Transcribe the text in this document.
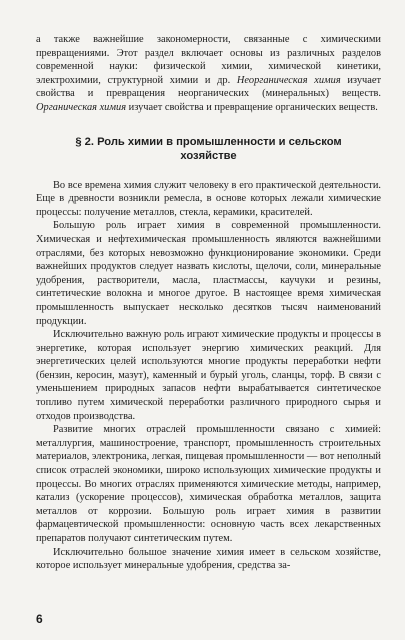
а также важнейшие закономерности, связанные с химическими превращениями. Этот раздел включает основы из различных разделов современной науки: физической химии, химической кинетики, электрохимии, структурной химии и др. Неорганическая химия изучает свойства и превращения неорганических (минеральных) веществ. Органическая химия изучает свойства и превращение органических веществ.

§ 2. Роль химии в промышленности и сельском хозяйстве

Во все времена химия служит человеку в его практической деятельности. Еще в древности возникли ремесла, в основе которых лежали химические процессы: получение металлов, стекла, керамики, красителей.

Большую роль играет химия в современной промышленности. Химическая и нефтехимическая промышленность являются важнейшими отраслями, без которых невозможно функционирование экономики. Среди важнейших продуктов следует назвать кислоты, щелочи, соли, минеральные удобрения, растворители, масла, пластмассы, каучуки и резины, синтетические волокна и многое другое. В настоящее время химическая промышленность выпускает несколько десятков тысяч наименований продукции.

Исключительно важную роль играют химические продукты и процессы в энергетике, которая использует энергию химических реакций. Для энергетических целей используются многие продукты переработки нефти (бензин, керосин, мазут), каменный и бурый уголь, сланцы, торф. В связи с уменьшением природных запасов нефти вырабатывается синтетическое топливо путем химической переработки различного природного сырья и отходов производства.

Развитие многих отраслей промышленности связано с химией: металлургия, машиностроение, транспорт, промышленность строительных материалов, электроника, легкая, пищевая промышленности — вот неполный список отраслей экономики, широко использующих химические продукты и процессы. Во многих отраслях применяются химические методы, например, катализ (ускорение процессов), химическая обработка металлов, защита металлов от коррозии. Большую роль играет химия в развитии фармацевтической промышленности: основную часть всех лекарственных препаратов получают синтетическим путем.

Исключительно большое значение химия имеет в сельском хозяйстве, которое использует минеральные удобрения, средства за-

6
